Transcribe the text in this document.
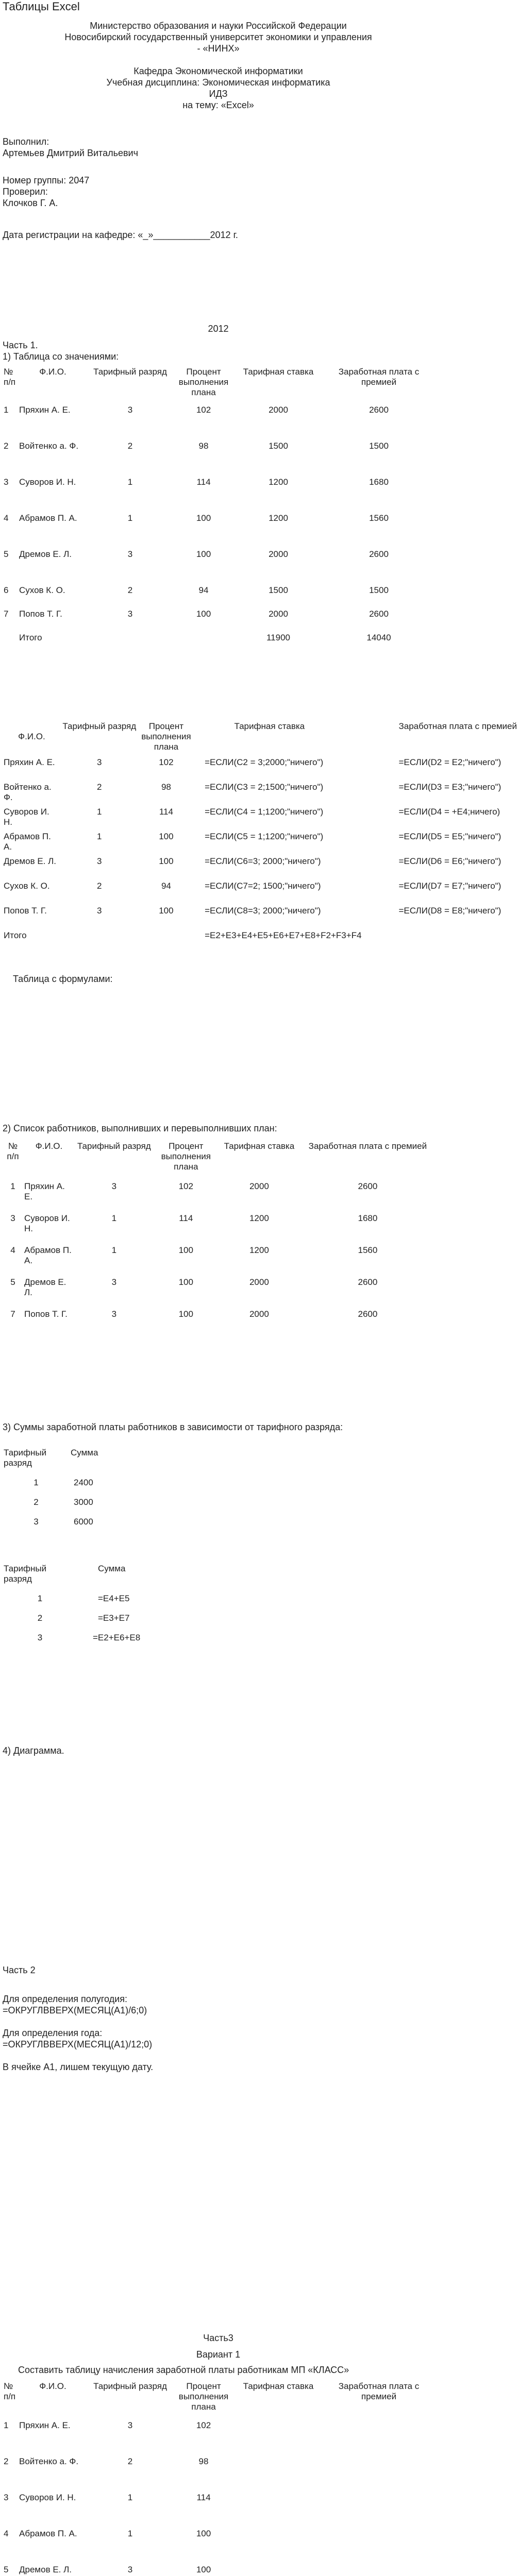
Таблицы Excel
Министерство образования и науки Российской Федерации
Новосибирский государственный университет экономики и управления
- «НИНХ»
Кафедра Экономической информатики
Учебная дисциплина: Экономическая информатика
ИДЗ
на тему: «Excel»
Выполнил:
Артемьев Дмитрий Витальевич
Номер группы: 2047
Проверил:
Клочков Г. А.
Дата регистрации на кафедре: «_»___________2012 г.
2012
Часть 1.
1) Таблица со значениями:
№ п/п	Ф.И.О.	Тарифный разряд	Процент выполнения плана	Тарифная ставка	Заработная плата с премией

1	Пряхин А. Е.	3	102	2000	2600
2	Войтенко а. Ф.	2	98	1500	1500
3	Суворов И. Н.	1	114	1200	1680
4	Абрамов П. А.	1	100	1200	1560
5	Дремов Е. Л.	3	100	2000	2600
6	Сухов К. О.	2	94	1500	1500
7	Попов Т. Г.	3	100	2000	2600
	Итого			11900	14040
Ф.И.О.	Тарифный разряд	Процент выполнения плана	Тарифная ставка	Заработная плата с премией
Пряхин А. Е.	3	102	=ЕСЛИ(С2 = 3;2000;"ничего")	=ЕСЛИ(D2 = Е2;"ничего")
Войтенко а. Ф.	2	98	=ЕСЛИ(C3 = 2;1500;"ничего")	=ЕСЛИ(D3 = Е3;"ничего")
Суворов И. Н.	1	114	=ЕСЛИ(С4 = 1;1200;"ничего")	=ЕСЛИ(D4 = +Е4;ничего)
Абрамов П. А.	1	100	=ЕСЛИ(С5 = 1;1200;"ничего")	=ЕСЛИ(D5 = Е5;"ничего")
Дремов Е. Л.	3	100	=ЕСЛИ(С6=3; 2000;"ничего")	=ЕСЛИ(D6 = Е6;"ничего")
Сухов К. О.	2	94	=ЕСЛИ(C7=2; 1500;"ничего")	=ЕСЛИ(D7 = Е7;"ничего")
Попов Т. Г.	3	100	=ЕСЛИ(С8=3; 2000;"ничего")	=ЕСЛИ(D8 = Е8;"ничего")
Итого			=Е2+Е3+Е4+Е5+Е6+Е7+Е8+F2+F3+F4	
Таблица с формулами:
2) Список работников, выполнивших и перевыполнивших план:
№ п/п	Ф.И.О.	Тарифный разряд	Процент выполнения плана	Тарифная ставка	Заработная плата с премией

1	Пряхин А. Е.	3	102	2000	2600
3	Суворов И. Н.	1	114	1200	1680
4	Абрамов П. А.	1	100	1200	1560
5	Дремов Е. Л.	3	100	2000	2600
7	Попов Т. Г.	3	100	2000	2600
3) Суммы заработной платы работников в зависимости от тарифного разряда:
Тарифный разряд	Сумма
1	2400
2	3000
3	6000
Тарифный разряд	Сумма
1	=Е4+Е5
2	=Е3+Е7
3	=Е2+Е6+Е8
4) Диаграмма.
Часть 2
Для определения полугодия:
=ОКРУГЛВВЕРХ(МЕСЯЦ(A1)/6;0)
Для определения года:
=ОКРУГЛВВЕРХ(МЕСЯЦ(A1)/12;0)
В ячейке А1, лишем текущую дату.
Часть3
Вариант 1
Составить таблицу начисления заработной платы работникам МП «КЛАСС»
№ п/п	Ф.И.О.	Тарифный разряд	Процент выполнения плана	Тарифная ставка	Заработная плата с премией

1	Пряхин А. Е.	3	102		
2	Войтенко а. Ф.	2	98		
3	Суворов И. Н.	1	114		
4	Абрамов П. А.	1	100		
5	Дремов Е. Л.	3	100		
